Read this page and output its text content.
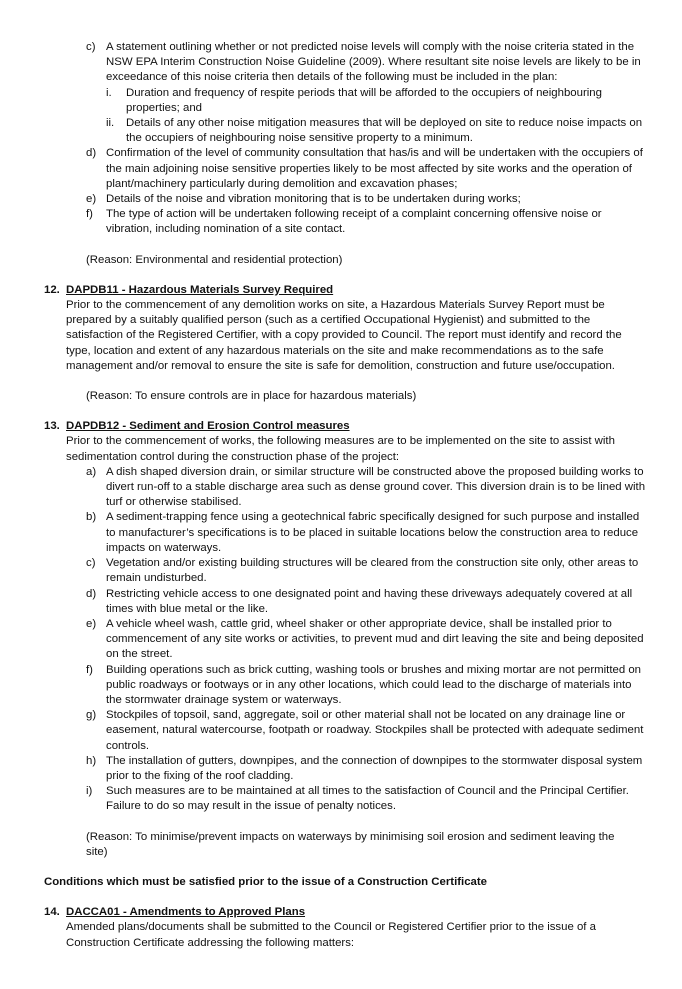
c) A statement outlining whether or not predicted noise levels will comply with the noise criteria stated in the NSW EPA Interim Construction Noise Guideline (2009). Where resultant site noise levels are likely to be in exceedance of this noise criteria then details of the following must be included in the plan:
i. Duration and frequency of respite periods that will be afforded to the occupiers of neighbouring properties; and
ii. Details of any other noise mitigation measures that will be deployed on site to reduce noise impacts on the occupiers of neighbouring noise sensitive property to a minimum.
d) Confirmation of the level of community consultation that has/is and will be undertaken with the occupiers of the main adjoining noise sensitive properties likely to be most affected by site works and the operation of plant/machinery particularly during demolition and excavation phases;
e) Details of the noise and vibration monitoring that is to be undertaken during works;
f) The type of action will be undertaken following receipt of a complaint concerning offensive noise or vibration, including nomination of a site contact.
(Reason: Environmental and residential protection)
12. DAPDB11 - Hazardous Materials Survey Required
Prior to the commencement of any demolition works on site, a Hazardous Materials Survey Report must be prepared by a suitably qualified person (such as a certified Occupational Hygienist) and submitted to the satisfaction of the Registered Certifier, with a copy provided to Council. The report must identify and record the type, location and extent of any hazardous materials on the site and make recommendations as to the safe management and/or removal to ensure the site is safe for demolition, construction and future use/occupation.
(Reason: To ensure controls are in place for hazardous materials)
13. DAPDB12 - Sediment and Erosion Control measures
Prior to the commencement of works, the following measures are to be implemented on the site to assist with sedimentation control during the construction phase of the project:
a) A dish shaped diversion drain, or similar structure will be constructed above the proposed building works to divert run-off to a stable discharge area such as dense ground cover. This diversion drain is to be lined with turf or otherwise stabilised.
b) A sediment-trapping fence using a geotechnical fabric specifically designed for such purpose and installed to manufacturer’s specifications is to be placed in suitable locations below the construction area to reduce impacts on waterways.
c) Vegetation and/or existing building structures will be cleared from the construction site only, other areas to remain undisturbed.
d) Restricting vehicle access to one designated point and having these driveways adequately covered at all times with blue metal or the like.
e) A vehicle wheel wash, cattle grid, wheel shaker or other appropriate device, shall be installed prior to commencement of any site works or activities, to prevent mud and dirt leaving the site and being deposited on the street.
f) Building operations such as brick cutting, washing tools or brushes and mixing mortar are not permitted on public roadways or footways or in any other locations, which could lead to the discharge of materials into the stormwater drainage system or waterways.
g) Stockpiles of topsoil, sand, aggregate, soil or other material shall not be located on any drainage line or easement, natural watercourse, footpath or roadway. Stockpiles shall be protected with adequate sediment controls.
h) The installation of gutters, downpipes, and the connection of downpipes to the stormwater disposal system prior to the fixing of the roof cladding.
i) Such measures are to be maintained at all times to the satisfaction of Council and the Principal Certifier. Failure to do so may result in the issue of penalty notices.
(Reason: To minimise/prevent impacts on waterways by minimising soil erosion and sediment leaving the site)
Conditions which must be satisfied prior to the issue of a Construction Certificate
14. DACCA01 - Amendments to Approved Plans
Amended plans/documents shall be submitted to the Council or Registered Certifier prior to the issue of a Construction Certificate addressing the following matters:
